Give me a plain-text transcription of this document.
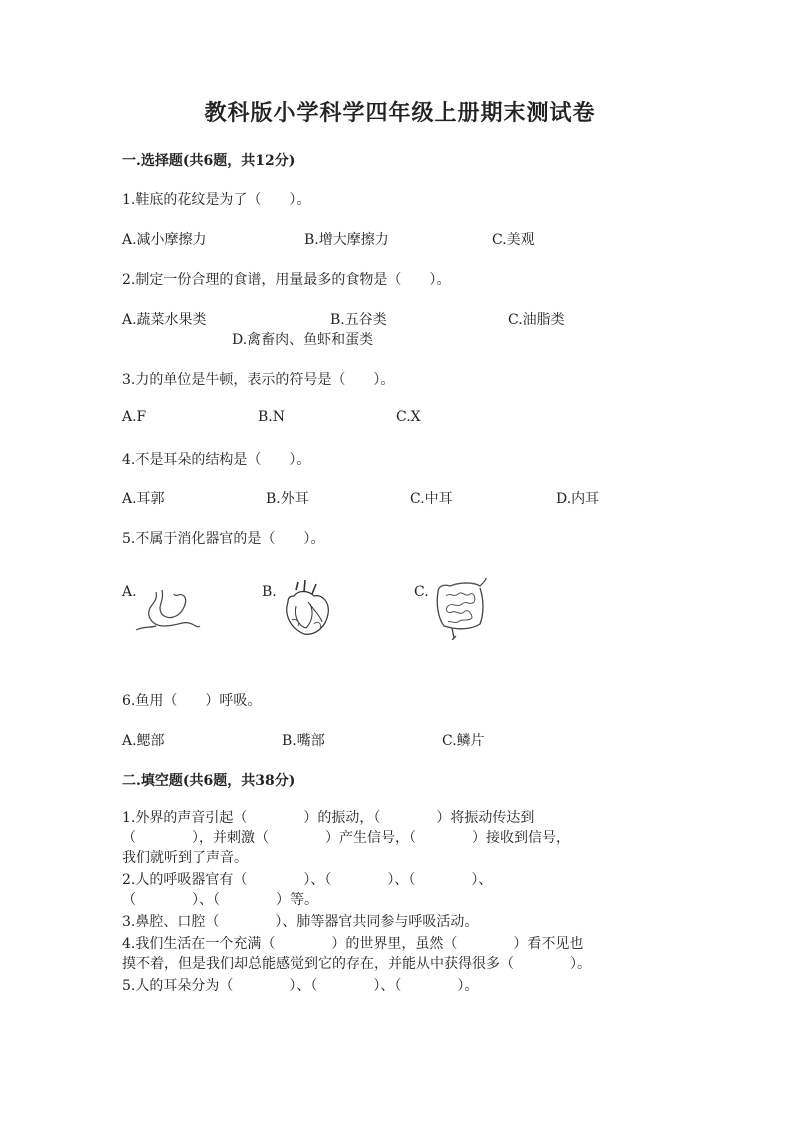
教科版小学科学四年级上册期末测试卷
一.选择题(共6题，共12分)
1.鞋底的花纹是为了（　　）。
A.减小摩擦力	B.增大摩擦力	C.美观
2.制定一份合理的食谱，用量最多的食物是（　　）。
A.蔬菜水果类	B.五谷类	C.油脂类
D.禽畜肉、鱼虾和蛋类
3.力的单位是牛顿，表示的符号是（　　）。
A.F	B.N	C.X
4.不是耳朵的结构是（　　）。
A.耳郭	B.外耳	C.中耳	D.内耳
5.不属于消化器官的是（　　）。
A.	B.	C.
6.鱼用（　　）呼吸。
A.鳃部	B.嘴部	C.鳞片
二.填空题(共6题，共38分)
1.外界的声音引起（　　　　）的振动，（　　　　）将振动传达到
（　　　　），并刺激（　　　　）产生信号，（　　　　）接收到信号，
我们就听到了声音。
2.人的呼吸器官有（　　　　）、（　　　　）、（　　　　）、
（　　　　）、（　　　　）等。
3.鼻腔、口腔（　　　　）、肺等器官共同参与呼吸活动。
4.我们生活在一个充满（　　　　）的世界里，虽然（　　　　）看不见也
摸不着，但是我们却总能感觉到它的存在，并能从中获得很多（　　　　）。
5.人的耳朵分为（　　　　）、（　　　　）、（　　　　）。
